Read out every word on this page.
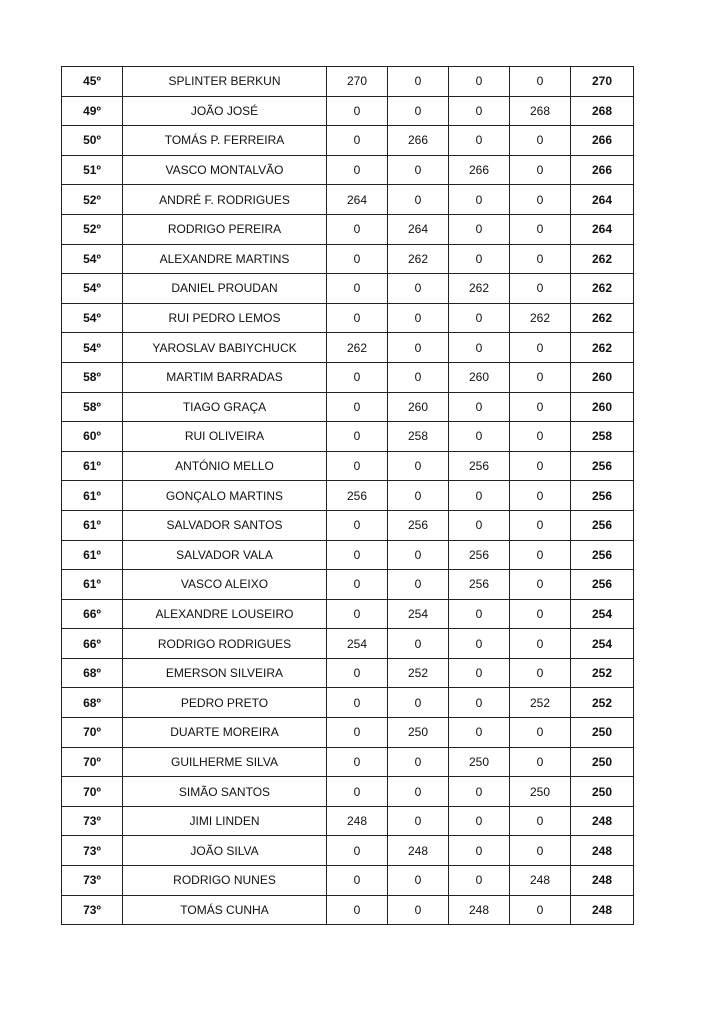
45º	SPLINTER BERKUN	270	0	0	0	270
49º	JOÃO JOSÉ	0	0	0	268	268
50º	TOMÁS P. FERREIRA	0	266	0	0	266
51º	VASCO MONTALVÃO	0	0	266	0	266
52º	ANDRÉ F. RODRIGUES	264	0	0	0	264
52º	RODRIGO PEREIRA	0	264	0	0	264
54º	ALEXANDRE MARTINS	0	262	0	0	262
54º	DANIEL PROUDAN	0	0	262	0	262
54º	RUI PEDRO LEMOS	0	0	0	262	262
54º	YAROSLAV BABIYCHUCK	262	0	0	0	262
58º	MARTIM BARRADAS	0	0	260	0	260
58º	TIAGO GRAÇA	0	260	0	0	260
60º	RUI OLIVEIRA	0	258	0	0	258
61º	ANTÓNIO MELLO	0	0	256	0	256
61º	GONÇALO MARTINS	256	0	0	0	256
61º	SALVADOR SANTOS	0	256	0	0	256
61º	SALVADOR VALA	0	0	256	0	256
61º	VASCO ALEIXO	0	0	256	0	256
66º	ALEXANDRE LOUSEIRO	0	254	0	0	254
66º	RODRIGO RODRIGUES	254	0	0	0	254
68º	EMERSON SILVEIRA	0	252	0	0	252
68º	PEDRO PRETO	0	0	0	252	252
70º	DUARTE MOREIRA	0	250	0	0	250
70º	GUILHERME SILVA	0	0	250	0	250
70º	SIMÃO SANTOS	0	0	0	250	250
73º	JIMI LINDEN	248	0	0	0	248
73º	JOÃO SILVA	0	248	0	0	248
73º	RODRIGO NUNES	0	0	0	248	248
73º	TOMÁS CUNHA	0	0	248	0	248
